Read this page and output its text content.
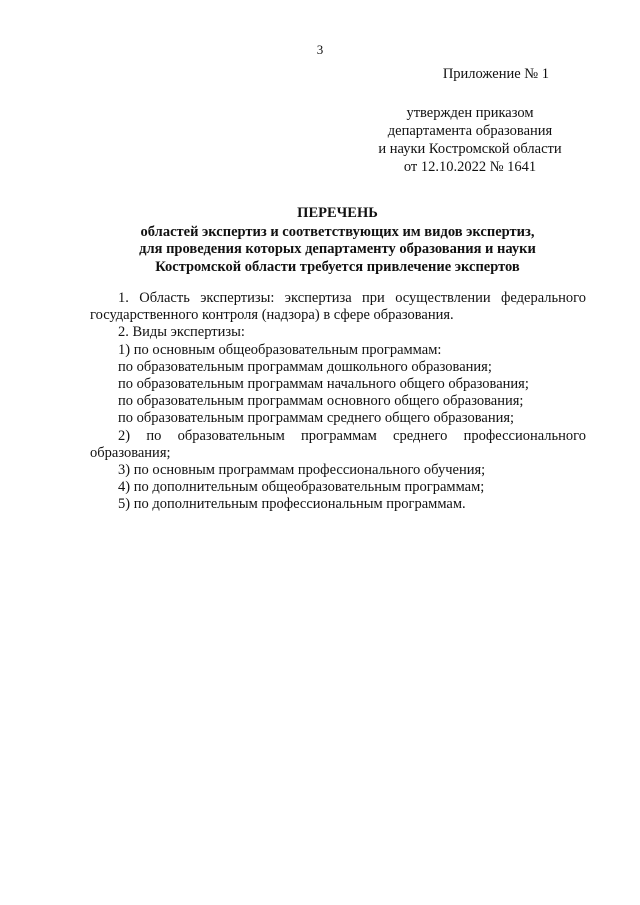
3
Приложение № 1
утвержден приказом
департамента образования
и науки Костромской области
от 12.10.2022 № 1641
ПЕРЕЧЕНЬ
областей экспертиз и соответствующих им видов экспертиз,
для проведения которых департаменту образования и науки
Костромской области требуется привлечение экспертов
1. Область экспертизы: экспертиза при осуществлении федерального государственного контроля (надзора) в сфере образования.
2. Виды экспертизы:
1) по основным общеобразовательным программам:
по образовательным программам дошкольного образования;
по образовательным программам начального общего образования;
по образовательным программам основного общего образования;
по образовательным программам среднего общего образования;
2) по образовательным программам среднего профессионального образования;
3) по основным программам профессионального обучения;
4) по дополнительным общеобразовательным программам;
5) по дополнительным профессиональным программам.
